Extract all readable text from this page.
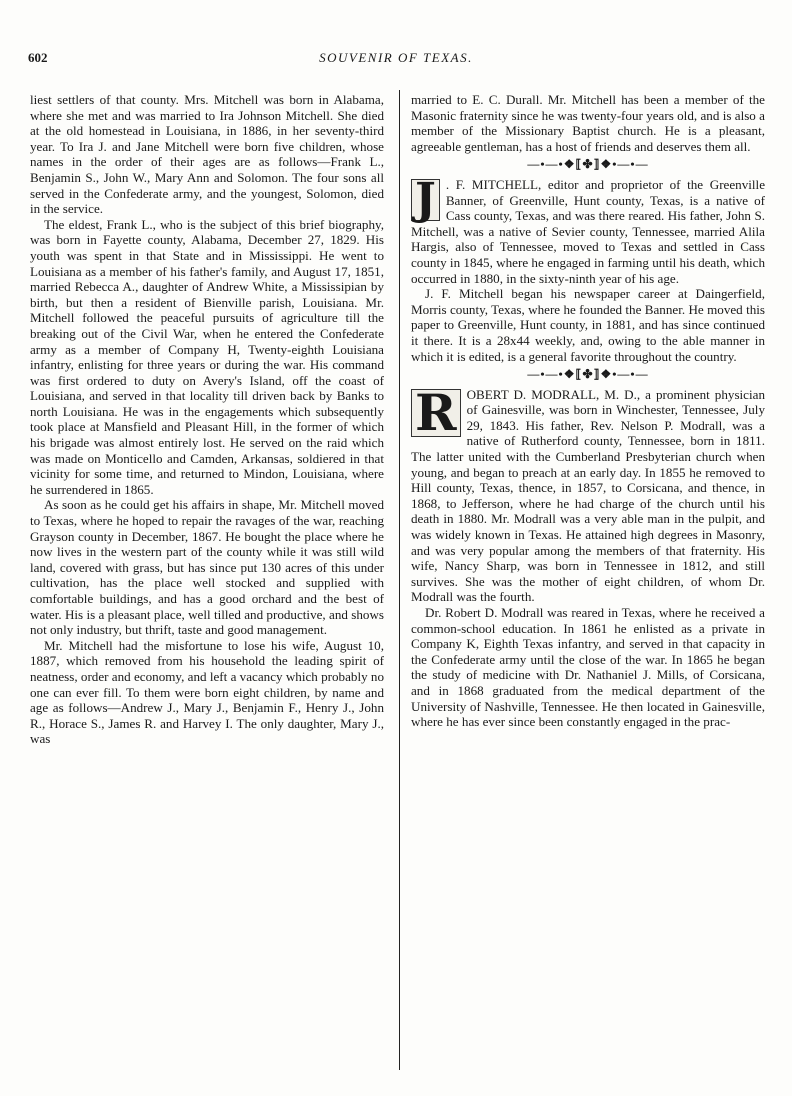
602	SOUVENIR OF TEXAS.

liest settlers of that county. Mrs. Mitchell was born in Alabama, where she met and was married to Ira Johnson Mitchell. She died at the old homestead in Louisiana, in 1886, in her seventy-third year. To Ira J. and Jane Mitchell were born five children, whose names in the order of their ages are as follows—Frank L., Benjamin S., John W., Mary Ann and Solomon. The four sons all served in the Confederate army, and the youngest, Solomon, died in the service.

The eldest, Frank L., who is the subject of this brief biography, was born in Fayette county, Alabama, December 27, 1829. His youth was spent in that State and in Mississippi. He went to Louisiana as a member of his father's family, and August 17, 1851, married Rebecca A., daughter of Andrew White, a Mississipian by birth, but then a resident of Bienville parish, Louisiana. Mr. Mitchell followed the peaceful pursuits of agriculture till the breaking out of the Civil War, when he entered the Confederate army as a member of Company H, Twenty-eighth Louisiana infantry, enlisting for three years or during the war. His command was first ordered to duty on Avery's Island, off the coast of Louisiana, and served in that locality till driven back by Banks to north Louisiana. He was in the engagements which subsequently took place at Mansfield and Pleasant Hill, in the former of which his brigade was almost entirely lost. He served on the raid which was made on Monticello and Camden, Arkansas, soldiered in that vicinity for some time, and returned to Mindon, Louisiana, where he surrendered in 1865.

As soon as he could get his affairs in shape, Mr. Mitchell moved to Texas, where he hoped to repair the ravages of the war, reaching Grayson county in December, 1867. He bought the place where he now lives in the western part of the county while it was still wild land, covered with grass, but has since put 130 acres of this under cultivation, has the place well stocked and supplied with comfortable buildings, and has a good orchard and the best of water. His is a pleasant place, well tilled and productive, and shows not only industry, but thrift, taste and good management.

Mr. Mitchell had the misfortune to lose his wife, August 10, 1887, which removed from his household the leading spirit of neatness, order and economy, and left a vacancy which probably no one can ever fill. To them were born eight children, by name and age as follows—Andrew J., Mary J., Benjamin F., Henry J., John R., Horace S., James R. and Harvey I. The only daughter, Mary J., was

married to E. C. Durall. Mr. Mitchell has been a member of the Masonic fraternity since he was twenty-four years old, and is also a member of the Missionary Baptist church. He is a pleasant, agreeable gentleman, has a host of friends and deserves them all.

—•—•❖⟦✤⟧❖•—•—

J . F. MITCHELL, editor and proprietor of the Greenville Banner, of Greenville, Hunt county, Texas, is a native of Cass county, Texas, and was there reared. His father, John S. Mitchell, was a native of Sevier county, Tennessee, married Alila Hargis, also of Tennessee, moved to Texas and settled in Cass county in 1845, where he engaged in farming until his death, which occurred in 1880, in the sixty-ninth year of his age.

J. F. Mitchell began his newspaper career at Daingerfield, Morris county, Texas, where he founded the Banner. He moved this paper to Greenville, Hunt county, in 1881, and has since continued it there. It is a 28x44 weekly, and, owing to the able manner in which it is edited, is a general favorite throughout the country.

—•—•❖⟦✤⟧❖•—•—

R OBERT D. MODRALL, M. D., a prominent physician of Gainesville, was born in Winchester, Tennessee, July 29, 1843. His father, Rev. Nelson P. Modrall, was a native of Rutherford county, Tennessee, born in 1811. The latter united with the Cumberland Presbyterian church when young, and began to preach at an early day. In 1855 he removed to Hill county, Texas, thence, in 1857, to Corsicana, and thence, in 1868, to Jefferson, where he had charge of the church until his death in 1880. Mr. Modrall was a very able man in the pulpit, and was widely known in Texas. He attained high degrees in Masonry, and was very popular among the members of that fraternity. His wife, Nancy Sharp, was born in Tennessee in 1812, and still survives. She was the mother of eight children, of whom Dr. Modrall was the fourth.

Dr. Robert D. Modrall was reared in Texas, where he received a common-school education. In 1861 he enlisted as a private in Company K, Eighth Texas infantry, and served in that capacity in the Confederate army until the close of the war. In 1865 he began the study of medicine with Dr. Nathaniel J. Mills, of Corsicana, and in 1868 graduated from the medical department of the University of Nashville, Tennessee. He then located in Gainesville, where he has ever since been constantly engaged in the prac-
